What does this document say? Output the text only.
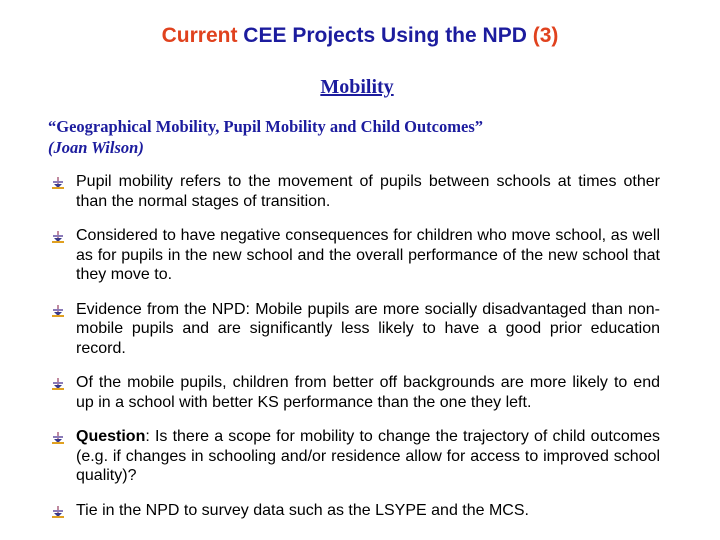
Current CEE Projects Using the NPD (3)
Mobility
“Geographical Mobility, Pupil Mobility and Child Outcomes”
(Joan Wilson)
Pupil mobility refers to the movement of pupils between schools at times other than the normal stages of transition.
Considered to have negative consequences for children who move school, as well as for pupils in the new school and the overall performance of the new school that they move to.
Evidence from the NPD: Mobile pupils are more socially disadvantaged than non-mobile pupils and are significantly less likely to have a good prior education record.
Of the mobile pupils, children from better off backgrounds are more likely to end up in a school with better KS performance than the one they left.
Question: Is there a scope for mobility to change the trajectory of child outcomes (e.g. if changes in schooling and/or residence allow for access to improved school quality)?
Tie in the NPD to survey data such as the LSYPE and the MCS.
